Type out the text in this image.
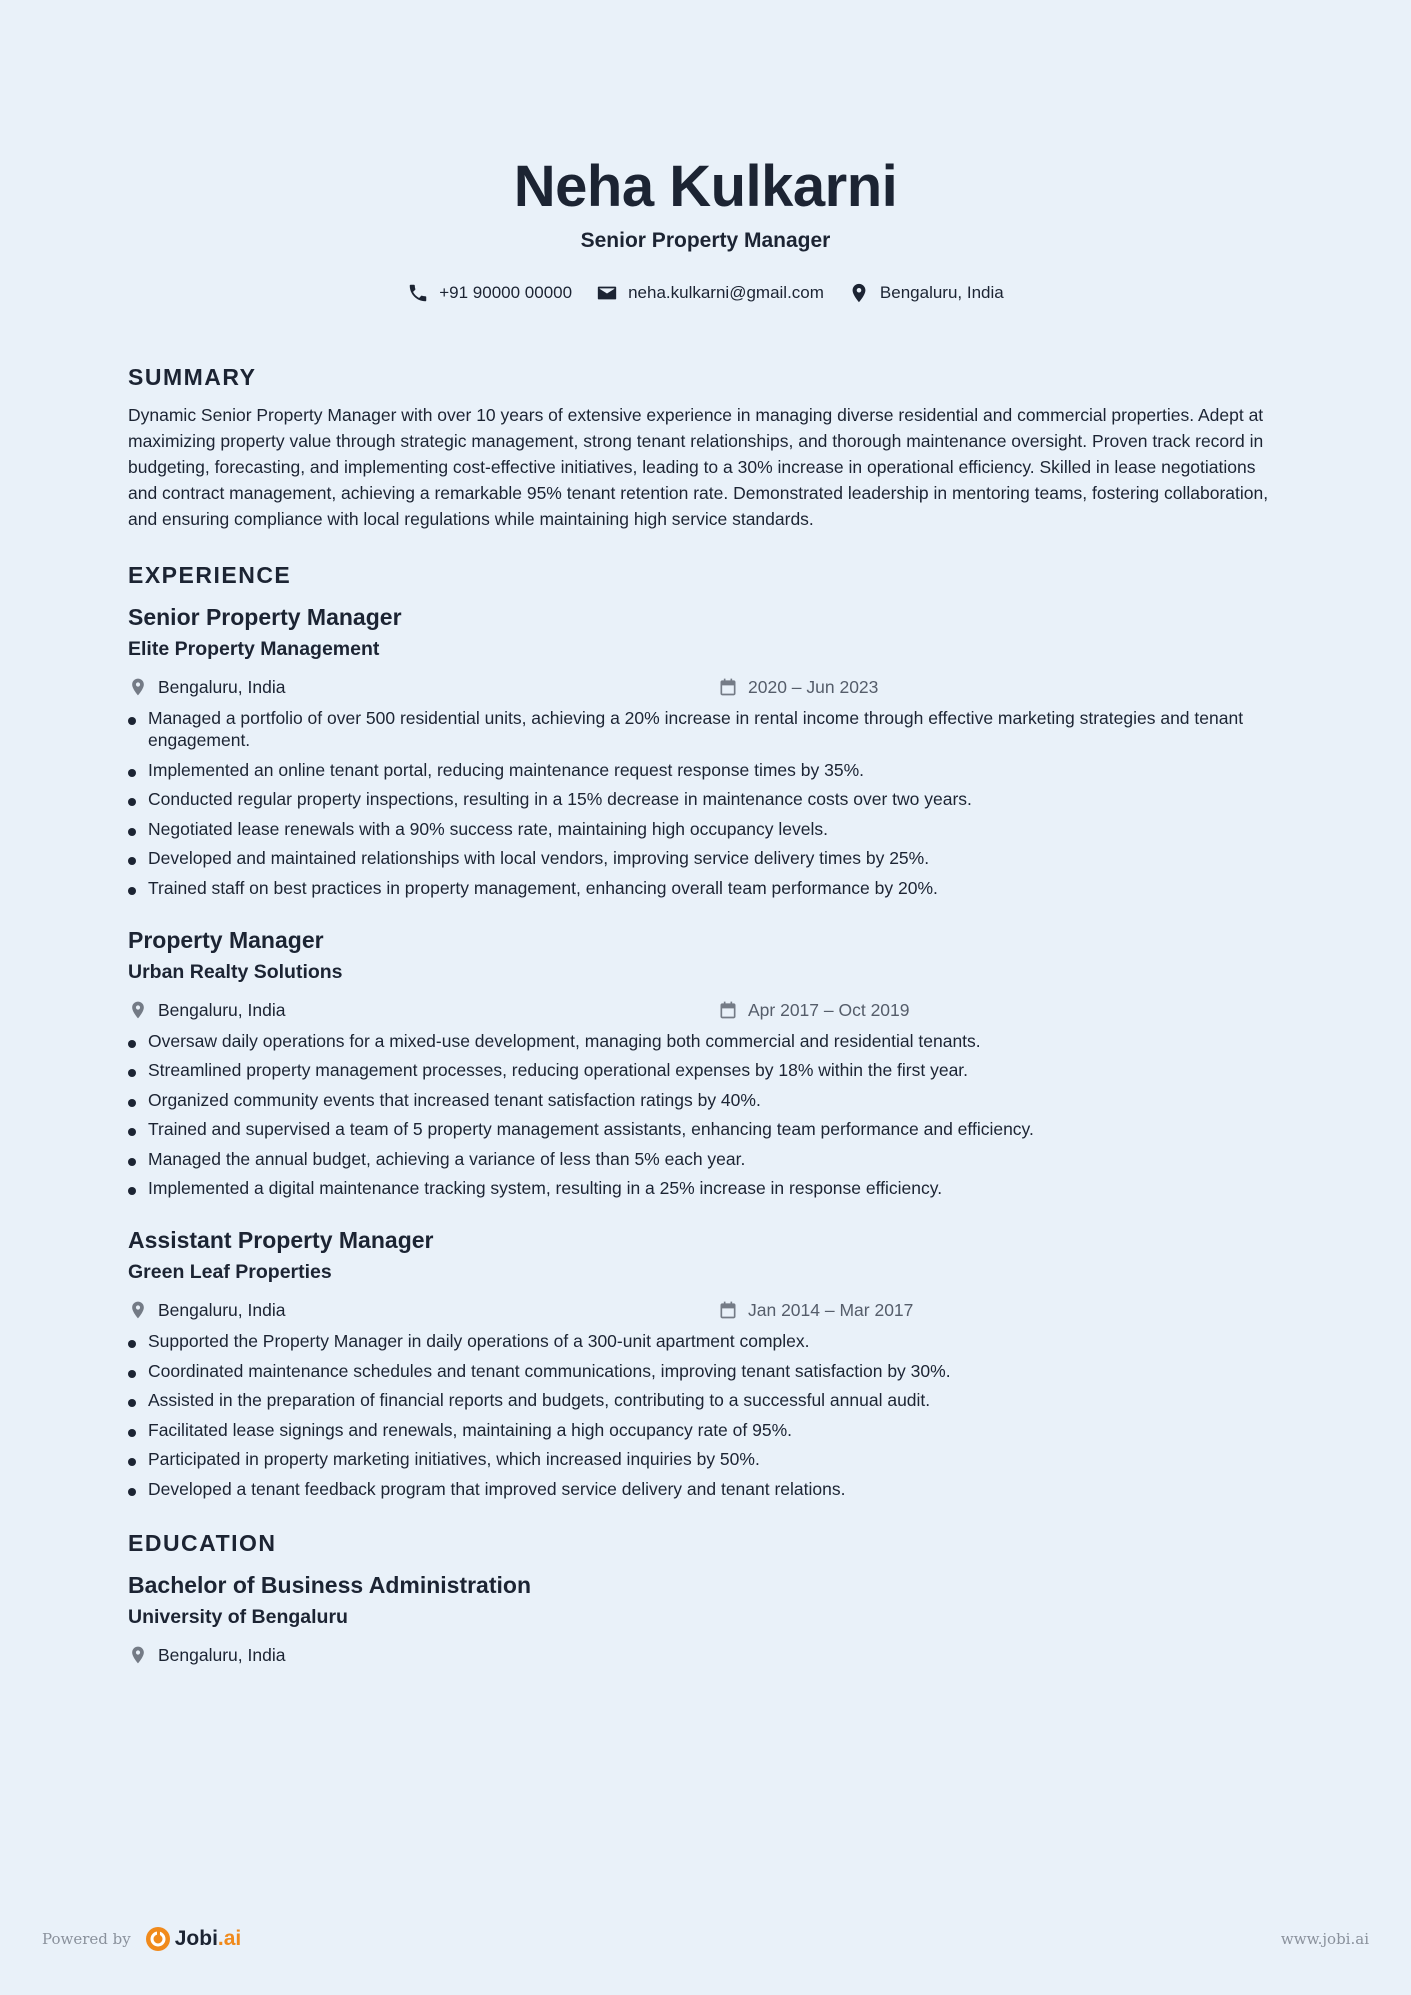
Neha Kulkarni
Senior Property Manager
+91 90000 00000	neha.kulkarni@gmail.com	Bengaluru, India
SUMMARY
Dynamic Senior Property Manager with over 10 years of extensive experience in managing diverse residential and commercial properties. Adept at maximizing property value through strategic management, strong tenant relationships, and thorough maintenance oversight. Proven track record in budgeting, forecasting, and implementing cost-effective initiatives, leading to a 30% increase in operational efficiency. Skilled in lease negotiations and contract management, achieving a remarkable 95% tenant retention rate. Demonstrated leadership in mentoring teams, fostering collaboration, and ensuring compliance with local regulations while maintaining high service standards.
EXPERIENCE
Senior Property Manager
Elite Property Management
Bengaluru, India	2020 – Jun 2023
Managed a portfolio of over 500 residential units, achieving a 20% increase in rental income through effective marketing strategies and tenant engagement.
Implemented an online tenant portal, reducing maintenance request response times by 35%.
Conducted regular property inspections, resulting in a 15% decrease in maintenance costs over two years.
Negotiated lease renewals with a 90% success rate, maintaining high occupancy levels.
Developed and maintained relationships with local vendors, improving service delivery times by 25%.
Trained staff on best practices in property management, enhancing overall team performance by 20%.
Property Manager
Urban Realty Solutions
Bengaluru, India	Apr 2017 – Oct 2019
Oversaw daily operations for a mixed-use development, managing both commercial and residential tenants.
Streamlined property management processes, reducing operational expenses by 18% within the first year.
Organized community events that increased tenant satisfaction ratings by 40%.
Trained and supervised a team of 5 property management assistants, enhancing team performance and efficiency.
Managed the annual budget, achieving a variance of less than 5% each year.
Implemented a digital maintenance tracking system, resulting in a 25% increase in response efficiency.
Assistant Property Manager
Green Leaf Properties
Bengaluru, India	Jan 2014 – Mar 2017
Supported the Property Manager in daily operations of a 300-unit apartment complex.
Coordinated maintenance schedules and tenant communications, improving tenant satisfaction by 30%.
Assisted in the preparation of financial reports and budgets, contributing to a successful annual audit.
Facilitated lease signings and renewals, maintaining a high occupancy rate of 95%.
Participated in property marketing initiatives, which increased inquiries by 50%.
Developed a tenant feedback program that improved service delivery and tenant relations.
EDUCATION
Bachelor of Business Administration
University of Bengaluru
Bengaluru, India
Powered by Jobi .ai	www.jobi.ai
